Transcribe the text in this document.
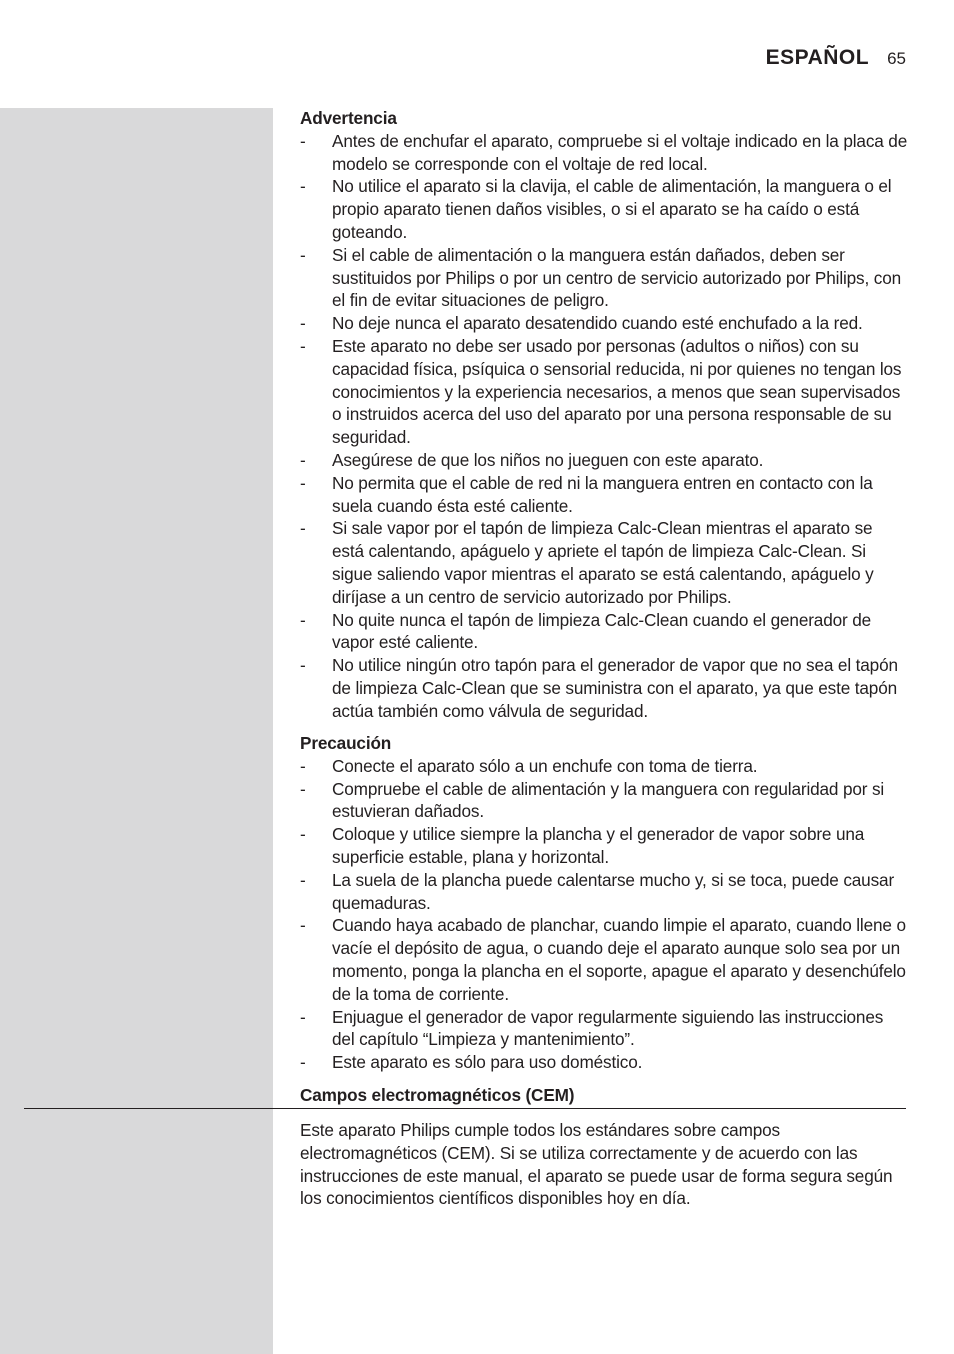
ESPAÑOL 65
Advertencia
- Antes de enchufar el aparato, compruebe si el voltaje indicado en la placa de modelo se corresponde con el voltaje de red local.
- No utilice el aparato si la clavija, el cable de alimentación, la manguera o el propio aparato tienen daños visibles, o si el aparato se ha caído o está goteando.
- Si el cable de alimentación o la manguera están dañados, deben ser sustituidos por Philips o por un centro de servicio autorizado por Philips, con el fin de evitar situaciones de peligro.
- No deje nunca el aparato desatendido cuando esté enchufado a la red.
- Este aparato no debe ser usado por personas (adultos o niños) con su capacidad física, psíquica o sensorial reducida, ni por quienes no tengan los conocimientos y la experiencia necesarios, a menos que sean supervisados o instruidos acerca del uso del aparato por una persona responsable de su seguridad.
- Asegúrese de que los niños no jueguen con este aparato.
- No permita que el cable de red ni la manguera entren en contacto con la suela cuando ésta esté caliente.
- Si sale vapor por el tapón de limpieza Calc-Clean mientras el aparato se está calentando, apáguelo y apriete el tapón de limpieza Calc-Clean. Si sigue saliendo vapor mientras el aparato se está calentando, apáguelo y diríjase a un centro de servicio autorizado por Philips.
- No quite nunca el tapón de limpieza Calc-Clean cuando el generador de vapor esté caliente.
- No utilice ningún otro tapón para el generador de vapor que no sea el tapón de limpieza Calc-Clean que se suministra con el aparato, ya que este tapón actúa también como válvula de seguridad.
Precaución
- Conecte el aparato sólo a un enchufe con toma de tierra.
- Compruebe el cable de alimentación y la manguera con regularidad por si estuvieran dañados.
- Coloque y utilice siempre la plancha y el generador de vapor sobre una superficie estable, plana y horizontal.
- La suela de la plancha puede calentarse mucho y, si se toca, puede causar quemaduras.
- Cuando haya acabado de planchar, cuando limpie el aparato, cuando llene o vacíe el depósito de agua, o cuando deje el aparato aunque solo sea por un momento, ponga la plancha en el soporte, apague el aparato y desenchúfelo de la toma de corriente.
- Enjuague el generador de vapor regularmente siguiendo las instrucciones del capítulo “Limpieza y mantenimiento”.
- Este aparato es sólo para uso doméstico.
Campos electromagnéticos (CEM)

Este aparato Philips cumple todos los estándares sobre campos electromagnéticos (CEM). Si se utiliza correctamente y de acuerdo con las instrucciones de este manual, el aparato se puede usar de forma segura según los conocimientos científicos disponibles hoy en día.
